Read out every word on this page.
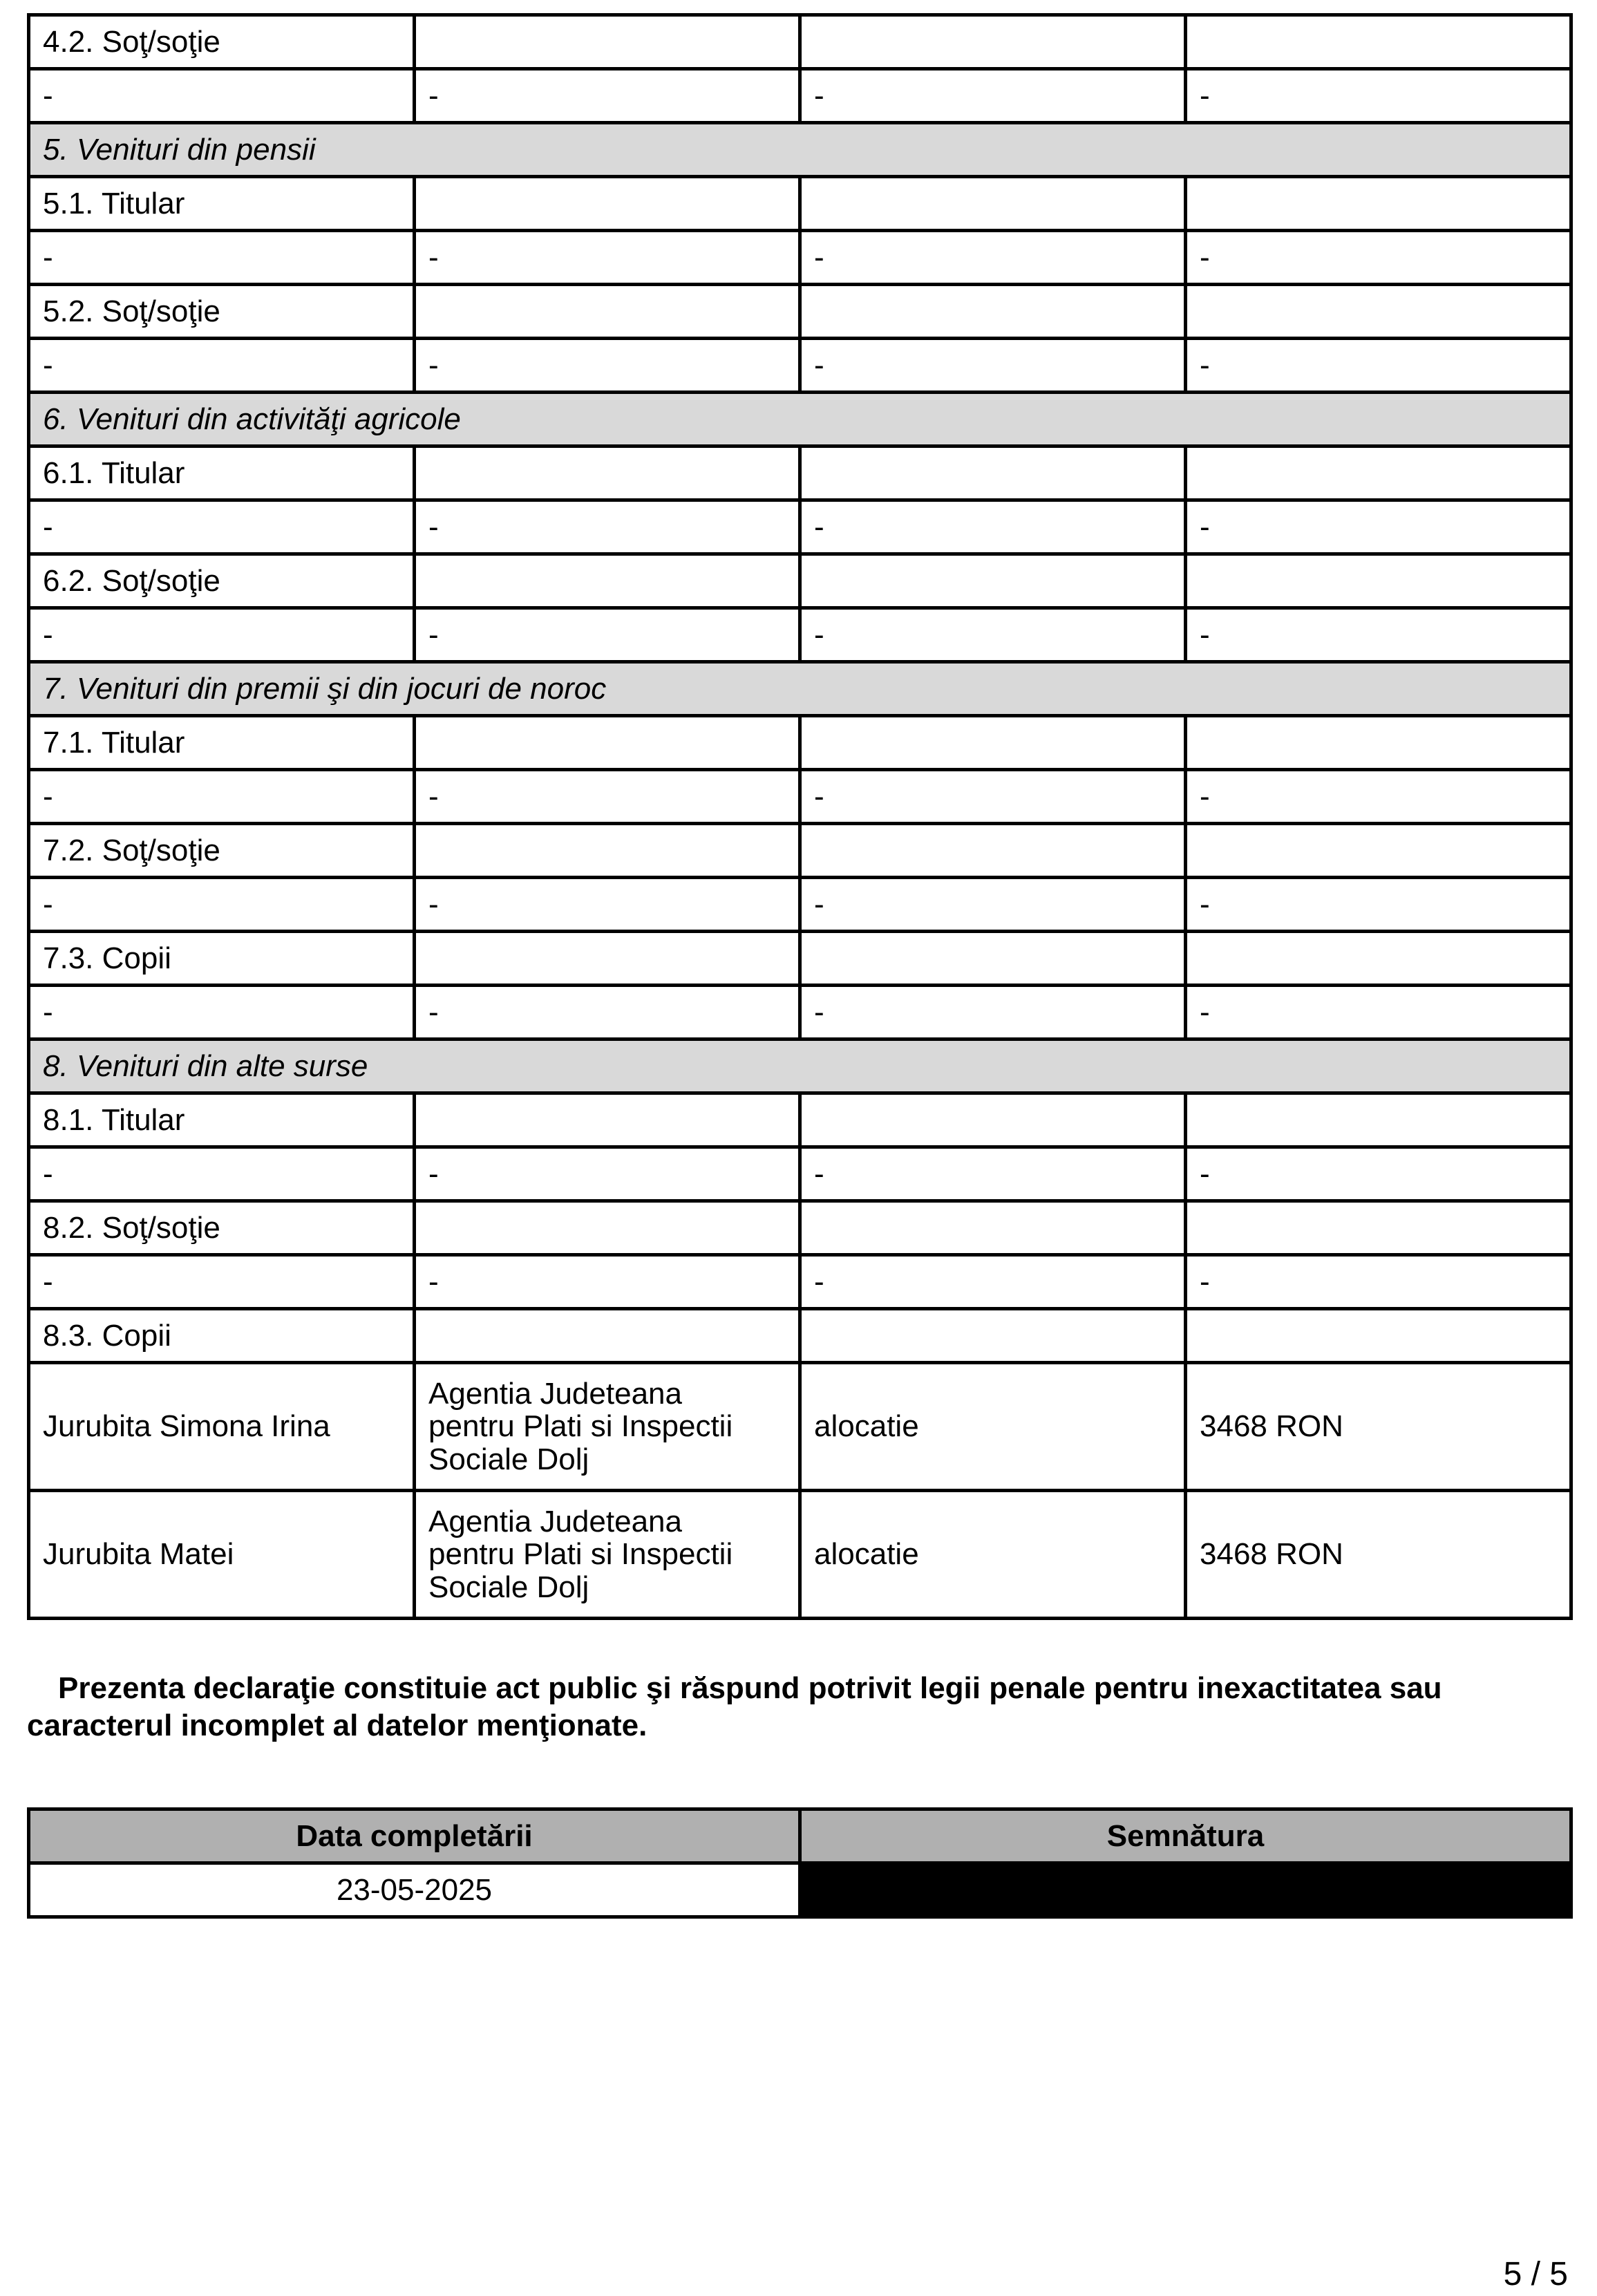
4.2. Soţ/soţie			
-	-	-	-
5. Venituri din pensii			
5.1. Titular			
-	-	-	-
5.2. Soţ/soţie			
-	-	-	-
6. Venituri din activităţi agricole			
6.1. Titular			
-	-	-	-
6.2. Soţ/soţie			
-	-	-	-
7. Venituri din premii şi din jocuri de noroc			
7.1. Titular			
-	-	-	-
7.2. Soţ/soţie			
-	-	-	-
7.3. Copii			
-	-	-	-
8. Venituri din alte surse			
8.1. Titular			
-	-	-	-
8.2. Soţ/soţie			
-	-	-	-
8.3. Copii			
Jurubita Simona Irina	Agentia Judeteana
pentru Plati si Inspectii
Sociale Dolj	alocatie	3468 RON
Jurubita Matei	Agentia Judeteana
pentru Plati si Inspectii
Sociale Dolj	alocatie	3468 RON
Prezenta declaraţie constituie act public şi răspund potrivit legii penale pentru inexactitatea sau caracterul incomplet al datelor menţionate.
Data completării	Semnătura
23-05-2025	
5 / 5
